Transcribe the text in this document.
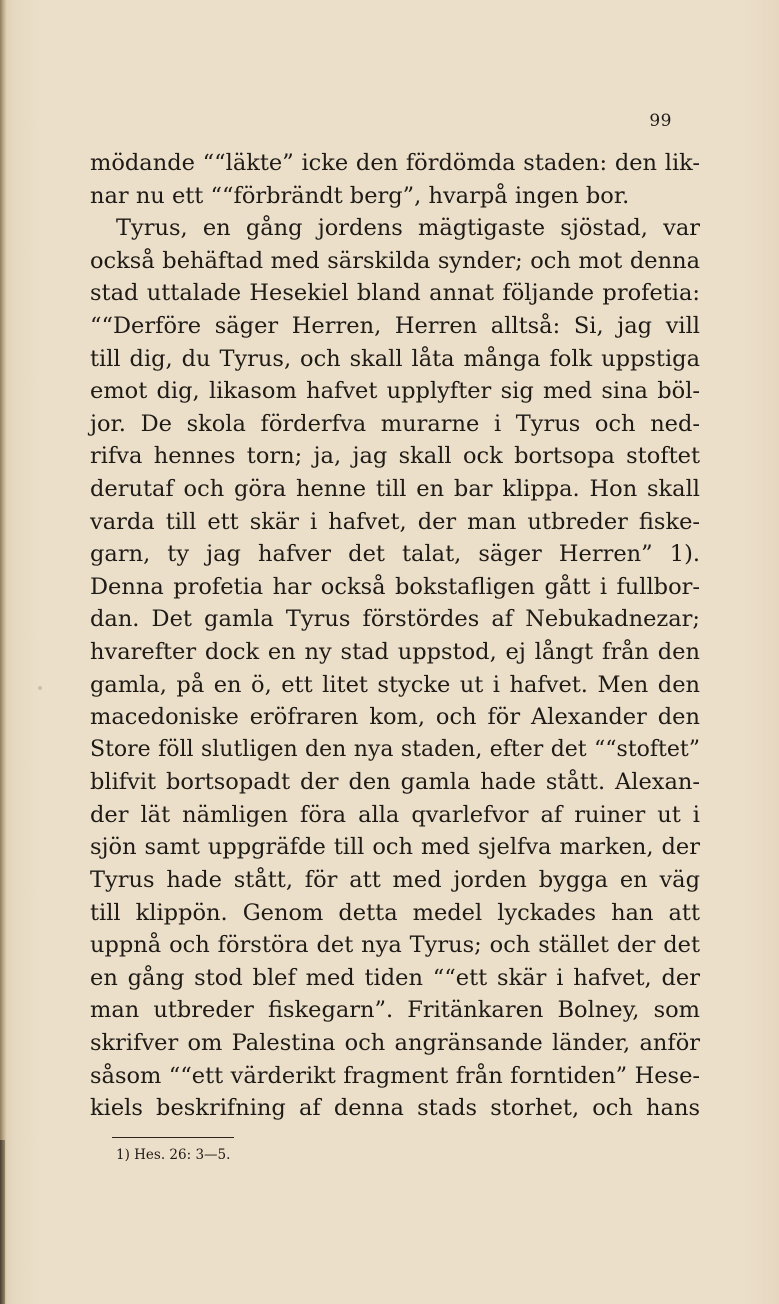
99
mödande ““läkte” icke den fördömda staden: den lik-
nar nu ett ““förbrändt berg”, hvarpå ingen bor.
Tyrus, en gång jordens mägtigaste sjöstad, var
också behäftad med särskilda synder; och mot denna
stad uttalade Hesekiel bland annat följande profetia:
““Derföre säger Herren, Herren alltså: Si, jag vill
till dig, du Tyrus, och skall låta många folk uppstiga
emot dig, likasom hafvet upplyfter sig med sina böl-
jor. De skola förderfva murarne i Tyrus och ned-
rifva hennes torn; ja, jag skall ock bortsopa stoftet
derutaf och göra henne till en bar klippa. Hon skall
varda till ett skär i hafvet, der man utbreder fiske-
garn, ty jag hafver det talat, säger Herren” 1).
Denna profetia har också bokstafligen gått i fullbor-
dan. Det gamla Tyrus förstördes af Nebukadnezar;
hvarefter dock en ny stad uppstod, ej långt från den
gamla, på en ö, ett litet stycke ut i hafvet. Men den
macedoniske eröfraren kom, och för Alexander den
Store föll slutligen den nya staden, efter det ““stoftet”
blifvit bortsopadt der den gamla hade stått. Alexan-
der lät nämligen föra alla qvarlefvor af ruiner ut i
sjön samt uppgräfde till och med sjelfva marken, der
Tyrus hade stått, för att med jorden bygga en väg
till klippön. Genom detta medel lyckades han att
uppnå och förstöra det nya Tyrus; och stället der det
en gång stod blef med tiden ““ett skär i hafvet, der
man utbreder fiskegarn”. Fritänkaren Bolney, som
skrifver om Palestina och angränsande länder, anför
såsom ““ett värderikt fragment från forntiden” Hese-
kiels beskrifning af denna stads storhet, och hans
1) Hes. 26: 3—5.
